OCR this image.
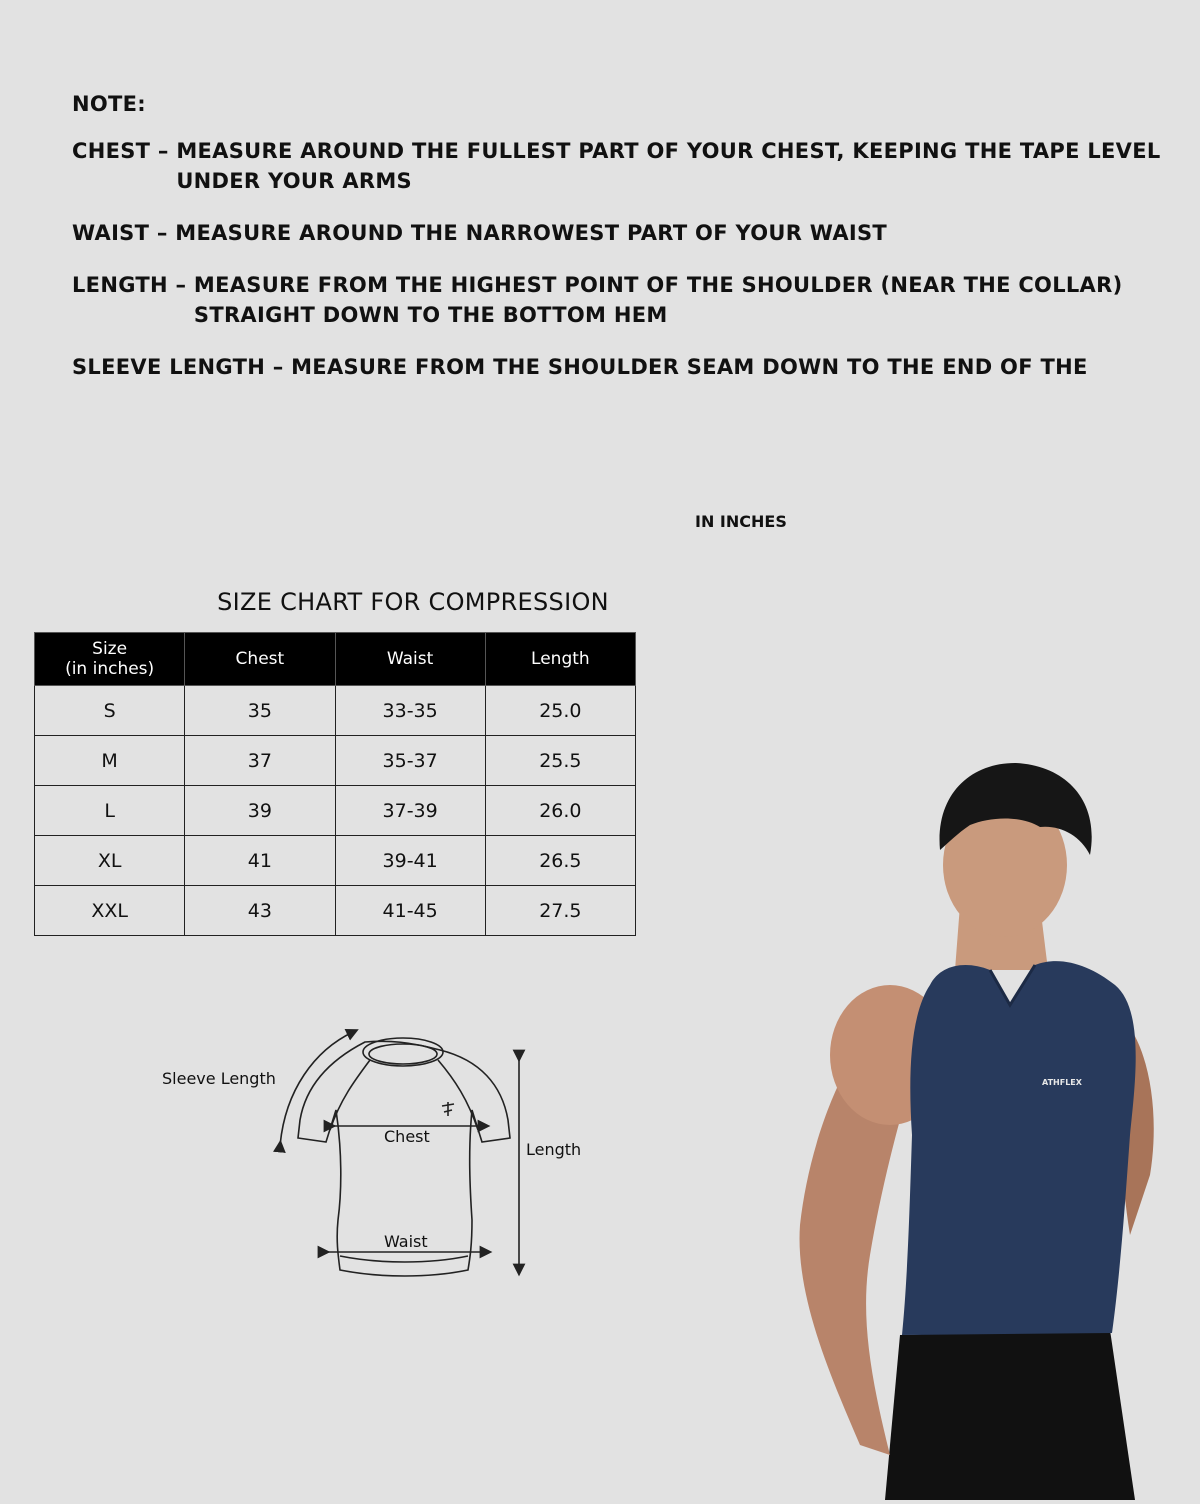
NOTE:
CHEST – MEASURE AROUND THE FULLEST PART OF YOUR CHEST, KEEPING THE TAPE LEVEL UNDER YOUR ARMS
WAIST – MEASURE AROUND THE NARROWEST PART OF YOUR WAIST
LENGTH – MEASURE FROM THE HIGHEST POINT OF THE SHOULDER (NEAR THE COLLAR) STRAIGHT DOWN TO THE BOTTOM HEM
SLEEVE LENGTH – MEASURE FROM THE SHOULDER SEAM DOWN TO THE END OF THE
IN INCHES
SIZE CHART FOR COMPRESSION
Size
(in inches)	Chest	Waist	Length
S	35	33-35	25.0
M	37	35-37	25.5
L	39	37-39	26.0
XL	41	39-41	26.5
XXL	43	41-45	27.5
Sleeve Length
Chest
Waist
Length
ATHFLEX
